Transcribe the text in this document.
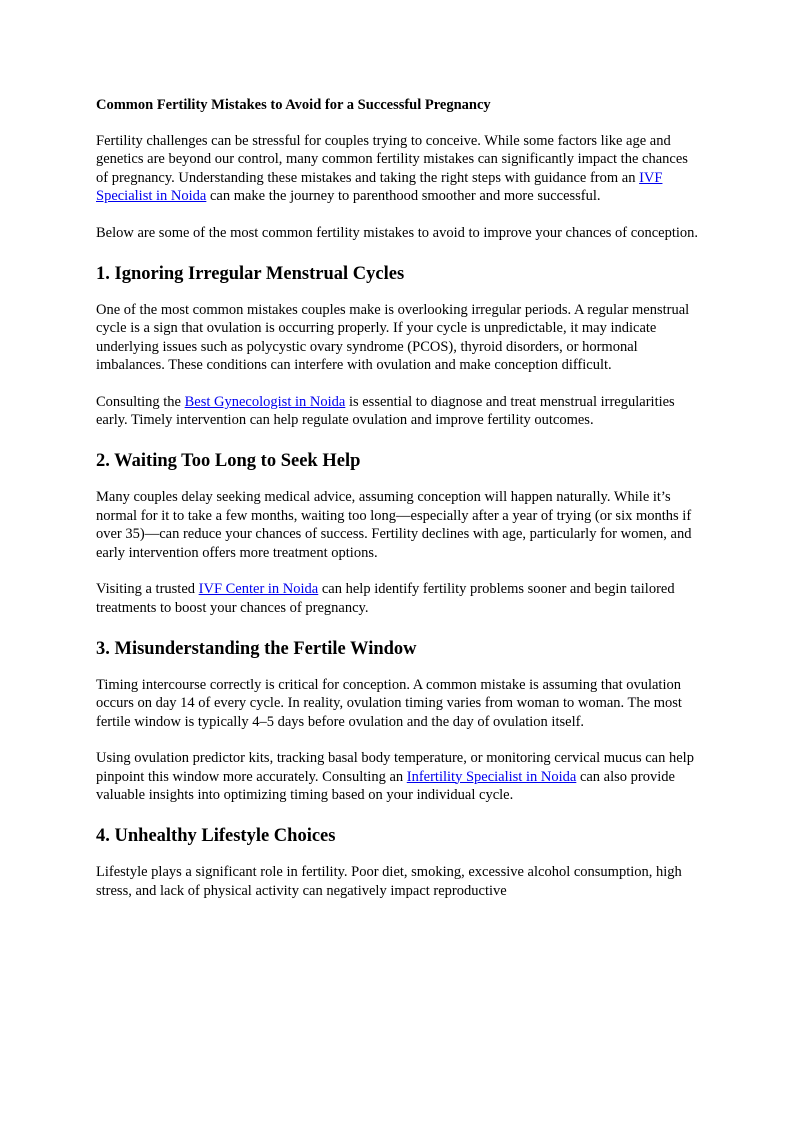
Common Fertility Mistakes to Avoid for a Successful Pregnancy

Fertility challenges can be stressful for couples trying to conceive. While some factors like age and genetics are beyond our control, many common fertility mistakes can significantly impact the chances of pregnancy. Understanding these mistakes and taking the right steps with guidance from an IVF Specialist in Noida can make the journey to parenthood smoother and more successful.

Below are some of the most common fertility mistakes to avoid to improve your chances of conception.

1. Ignoring Irregular Menstrual Cycles

One of the most common mistakes couples make is overlooking irregular periods. A regular menstrual cycle is a sign that ovulation is occurring properly. If your cycle is unpredictable, it may indicate underlying issues such as polycystic ovary syndrome (PCOS), thyroid disorders, or hormonal imbalances. These conditions can interfere with ovulation and make conception difficult.

Consulting the Best Gynecologist in Noida is essential to diagnose and treat menstrual irregularities early. Timely intervention can help regulate ovulation and improve fertility outcomes.

2. Waiting Too Long to Seek Help

Many couples delay seeking medical advice, assuming conception will happen naturally. While it’s normal for it to take a few months, waiting too long—especially after a year of trying (or six months if over 35)—can reduce your chances of success. Fertility declines with age, particularly for women, and early intervention offers more treatment options.

Visiting a trusted IVF Center in Noida can help identify fertility problems sooner and begin tailored treatments to boost your chances of pregnancy.

3. Misunderstanding the Fertile Window

Timing intercourse correctly is critical for conception. A common mistake is assuming that ovulation occurs on day 14 of every cycle. In reality, ovulation timing varies from woman to woman. The most fertile window is typically 4–5 days before ovulation and the day of ovulation itself.

Using ovulation predictor kits, tracking basal body temperature, or monitoring cervical mucus can help pinpoint this window more accurately. Consulting an Infertility Specialist in Noida can also provide valuable insights into optimizing timing based on your individual cycle.

4. Unhealthy Lifestyle Choices

Lifestyle plays a significant role in fertility. Poor diet, smoking, excessive alcohol consumption, high stress, and lack of physical activity can negatively impact reproductive
